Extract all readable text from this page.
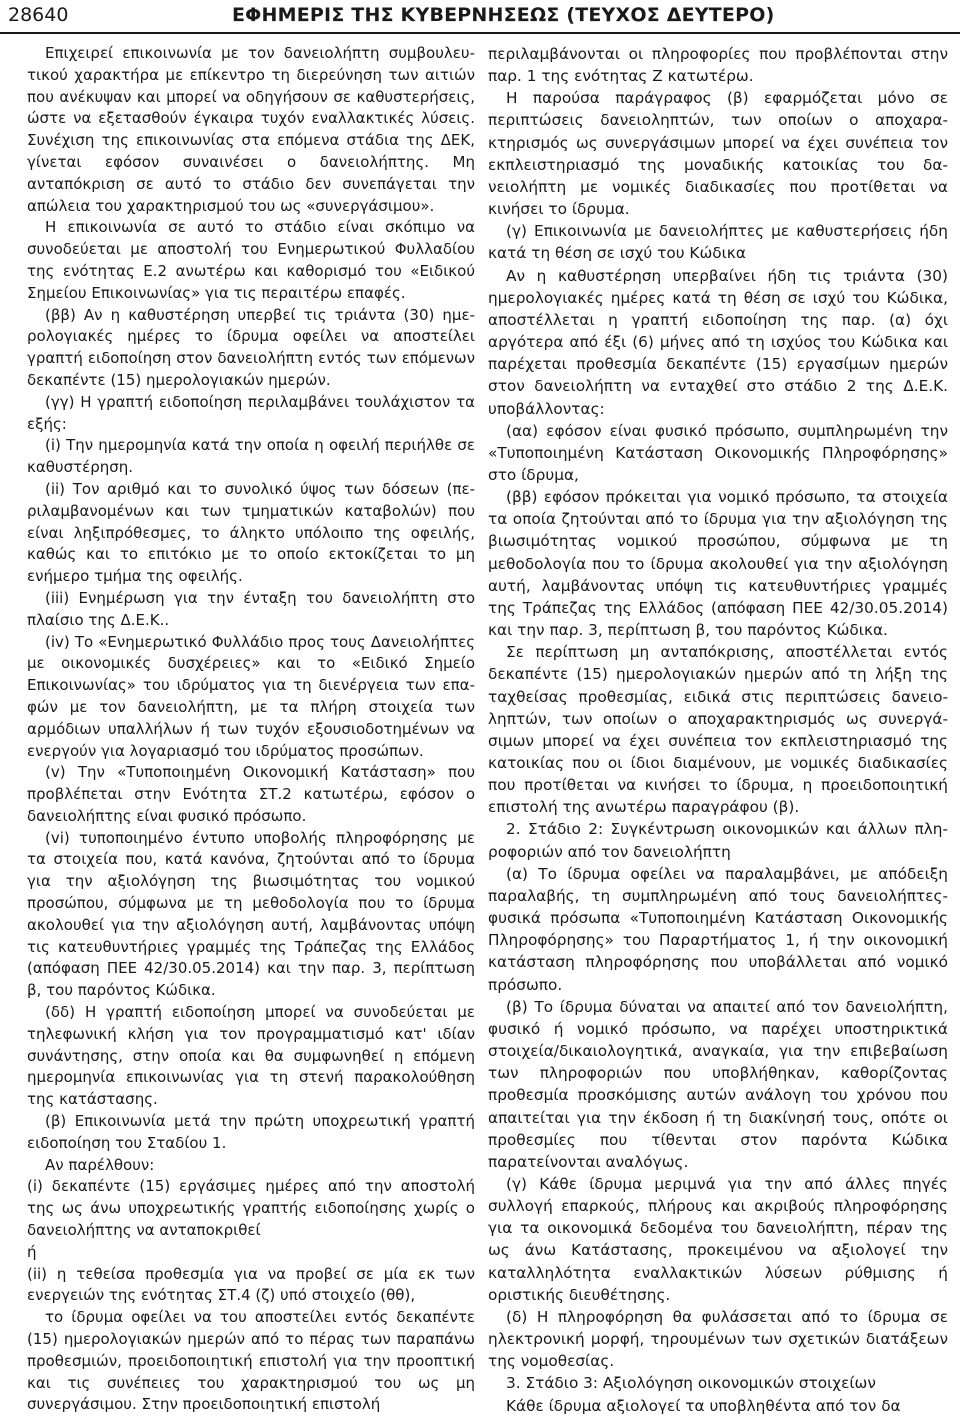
28640	ΕΦΗΜΕΡΙΣ ΤΗΣ ΚΥΒΕΡΝΗΣΕΩΣ (ΤΕΥΧΟΣ ΔΕΥΤΕΡΟ)

Επιχειρεί επικοινωνία με τον δανειολήπτη συμβουλευτικού χαρακτήρα με επίκεντρο τη διερεύνηση των αιτιών που ανέκυψαν και μπορεί να οδηγήσουν σε καθυστερήσεις, ώστε να εξετασθούν έγκαιρα τυχόν εναλλακτικές λύσεις. Συνέχιση της επικοινωνίας στα επόμενα στάδια της ΔΕΚ, γίνεται εφόσον συναινέσει ο δανειολήπτης. Μη ανταπόκριση σε αυτό το στάδιο δεν συνεπάγεται την απώλεια του χαρακτηρισμού του ως «συνεργάσιμου».

Η επικοινωνία σε αυτό το στάδιο είναι σκόπιμο να συνοδεύεται με αποστολή του Ενημερωτικού Φυλλαδίου της ενότητας Ε.2 ανωτέρω και καθορισμό του «Ειδικού Σημείου Επικοινωνίας» για τις περαιτέρω επαφές.

(ββ) Αν η καθυστέρηση υπερβεί τις τριάντα (30) ημερολογιακές ημέρες το ίδρυμα οφείλει να αποστείλει γραπτή ειδοποίηση στον δανειολήπτη εντός των επόμενων δεκαπέντε (15) ημερολογιακών ημερών.

(γγ) Η γραπτή ειδοποίηση περιλαμβάνει τουλάχιστον τα εξής:

(i) Την ημερομηνία κατά την οποία η οφειλή περιήλθε σε καθυστέρηση.

(ii) Τον αριθμό και το συνολικό ύψος των δόσεων (περιλαμβανομένων και των τμηματικών καταβολών) που είναι ληξιπρόθεσμες, το άληκτο υπόλοιπο της οφειλής, καθώς και το επιτόκιο με το οποίο εκτοκίζεται το μη ενήμερο τμήμα της οφειλής.

(iii) Ενημέρωση για την ένταξη του δανειολήπτη στο πλαίσιο της Δ.Ε.Κ..

(iv) Το «Ενημερωτικό Φυλλάδιο προς τους Δανειολήπτες με οικονομικές δυσχέρειες» και το «Ειδικό Σημείο Επικοινωνίας» του ιδρύματος για τη διενέργεια των επαφών με τον δανειολήπτη, με τα πλήρη στοιχεία των αρμόδιων υπαλλήλων ή των τυχόν εξουσιοδοτημένων να ενεργούν για λογαριασμό του ιδρύματος προσώπων.

(v) Την «Τυποποιημένη Οικονομική Κατάσταση» που προβλέπεται στην Ενότητα ΣΤ.2 κατωτέρω, εφόσον ο δανειολήπτης είναι φυσικό πρόσωπο.

(vi) τυποποιημένο έντυπο υποβολής πληροφόρησης με τα στοιχεία που, κατά κανόνα, ζητούνται από το ίδρυμα για την αξιολόγηση της βιωσιμότητας του νομικού προσώπου, σύμφωνα με τη μεθοδολογία που το ίδρυμα ακολουθεί για την αξιολόγηση αυτή, λαμβάνοντας υπόψη τις κατευθυντήριες γραμμές της Τράπεζας της Ελλάδος (απόφαση ΠΕΕ 42/30.05.2014) και την παρ. 3, περίπτωση β, του παρόντος Κώδικα.

(δδ) Η γραπτή ειδοποίηση μπορεί να συνοδεύεται με τηλεφωνική κλήση για τον προγραμματισμό κατ' ιδίαν συνάντησης, στην οποία και θα συμφωνηθεί η επόμενη ημερομηνία επικοινωνίας για τη στενή παρακολούθηση της κατάστασης.

(β) Επικοινωνία μετά την πρώτη υποχρεωτική γραπτή ειδοποίηση του Σταδίου 1.

Αν παρέλθουν:

(i) δεκαπέντε (15) εργάσιμες ημέρες από την αποστολή της ως άνω υποχρεωτικής γραπτής ειδοποίησης χωρίς ο δανειολήπτης να ανταποκριθεί

ή

(ii) η τεθείσα προθεσμία για να προβεί σε μία εκ των ενεργειών της ενότητας ΣΤ.4 (ζ) υπό στοιχείο (θθ),

το ίδρυμα οφείλει να του αποστείλει εντός δεκαπέντε (15) ημερολογιακών ημερών από το πέρας των παραπάνω προθεσμιών, προειδοποιητική επιστολή για την προοπτική και τις συνέπειες του χαρακτηρισμού του ως μη συνεργάσιμου. Στην προειδοποιητική επιστολή

περιλαμβάνονται οι πληροφορίες που προβλέπονται στην παρ. 1 της ενότητας Ζ κατωτέρω.

Η παρούσα παράγραφος (β) εφαρμόζεται μόνο σε περιπτώσεις δανειοληπτών, των οποίων ο αποχαρακτηρισμός ως συνεργάσιμων μπορεί να έχει συνέπεια τον εκπλειστηριασμό της μοναδικής κατοικίας του δανειολήπτη με νομικές διαδικασίες που προτίθεται να κινήσει το ίδρυμα.

(γ) Επικοινωνία με δανειολήπτες με καθυστερήσεις ήδη κατά τη θέση σε ισχύ του Κώδικα

Αν η καθυστέρηση υπερβαίνει ήδη τις τριάντα (30) ημερολογιακές ημέρες κατά τη θέση σε ισχύ του Κώδικα, αποστέλλεται η γραπτή ειδοποίηση της παρ. (α) όχι αργότερα από έξι (6) μήνες από τη ισχύος του Κώδικα και παρέχεται προθεσμία δεκαπέντε (15) εργασίμων ημερών στον δανειολήπτη να ενταχθεί στο στάδιο 2 της Δ.Ε.Κ. υποβάλλοντας:

(αα) εφόσον είναι φυσικό πρόσωπο, συμπληρωμένη την «Τυποποιημένη Κατάσταση Οικονομικής Πληροφόρησης» στο ίδρυμα,

(ββ) εφόσον πρόκειται για νομικό πρόσωπο, τα στοιχεία τα οποία ζητούνται από το ίδρυμα για την αξιολόγηση της βιωσιμότητας νομικού προσώπου, σύμφωνα με τη μεθοδολογία που το ίδρυμα ακολουθεί για την αξιολόγηση αυτή, λαμβάνοντας υπόψη τις κατευθυντήριες γραμμές της Τράπεζας της Ελλάδος (απόφαση ΠΕΕ 42/30.05.2014) και την παρ. 3, περίπτωση β, του παρόντος Κώδικα.

Σε περίπτωση μη ανταπόκρισης, αποστέλλεται εντός δεκαπέντε (15) ημερολογιακών ημερών από τη λήξη της ταχθείσας προθεσμίας, ειδικά στις περιπτώσεις δανειοληπτών, των οποίων ο αποχαρακτηρισμός ως συνεργάσιμων μπορεί να έχει συνέπεια τον εκπλειστηριασμό της κατοικίας που οι ίδιοι διαμένουν, με νομικές διαδικασίες που προτίθεται να κινήσει το ίδρυμα, η προειδοποιητική επιστολή της ανωτέρω παραγράφου (β).

2. Στάδιο 2: Συγκέντρωση οικονομικών και άλλων πληροφοριών από τον δανειολήπτη

(α) Το ίδρυμα οφείλει να παραλαμβάνει, με απόδειξη παραλαβής, τη συμπληρωμένη από τους δανειολήπτες-φυσικά πρόσωπα «Τυποποιημένη Κατάσταση Οικονομικής Πληροφόρησης» του Παραρτήματος 1, ή την οικονομική κατάσταση πληροφόρησης που υποβάλλεται από νομικό πρόσωπο.

(β) Το ίδρυμα δύναται να απαιτεί από τον δανειολήπτη, φυσικό ή νομικό πρόσωπο, να παρέχει υποστηρικτικά στοιχεία/δικαιολογητικά, αναγκαία, για την επιβεβαίωση των πληροφοριών που υποβλήθηκαν, καθορίζοντας προθεσμία προσκόμισης αυτών ανάλογη του χρόνου που απαιτείται για την έκδοση ή τη διακίνησή τους, οπότε οι προθεσμίες που τίθενται στον παρόντα Κώδικα παρατείνονται αναλόγως.

(γ) Κάθε ίδρυμα μεριμνά για την από άλλες πηγές συλλογή επαρκούς, πλήρους και ακριβούς πληροφόρησης για τα οικονομικά δεδομένα του δανειολήπτη, πέραν της ως άνω Κατάστασης, προκειμένου να αξιολογεί την καταλληλότητα εναλλακτικών λύσεων ρύθμισης ή οριστικής διευθέτησης.

(δ) Η πληροφόρηση θα φυλάσσεται από το ίδρυμα σε ηλεκτρονική μορφή, τηρουμένων των σχετικών διατάξεων της νομοθεσίας.

3. Στάδιο 3: Αξιολόγηση οικονομικών στοιχείων

Κάθε ίδρυμα αξιολογεί τα υποβληθέντα από τον δα
